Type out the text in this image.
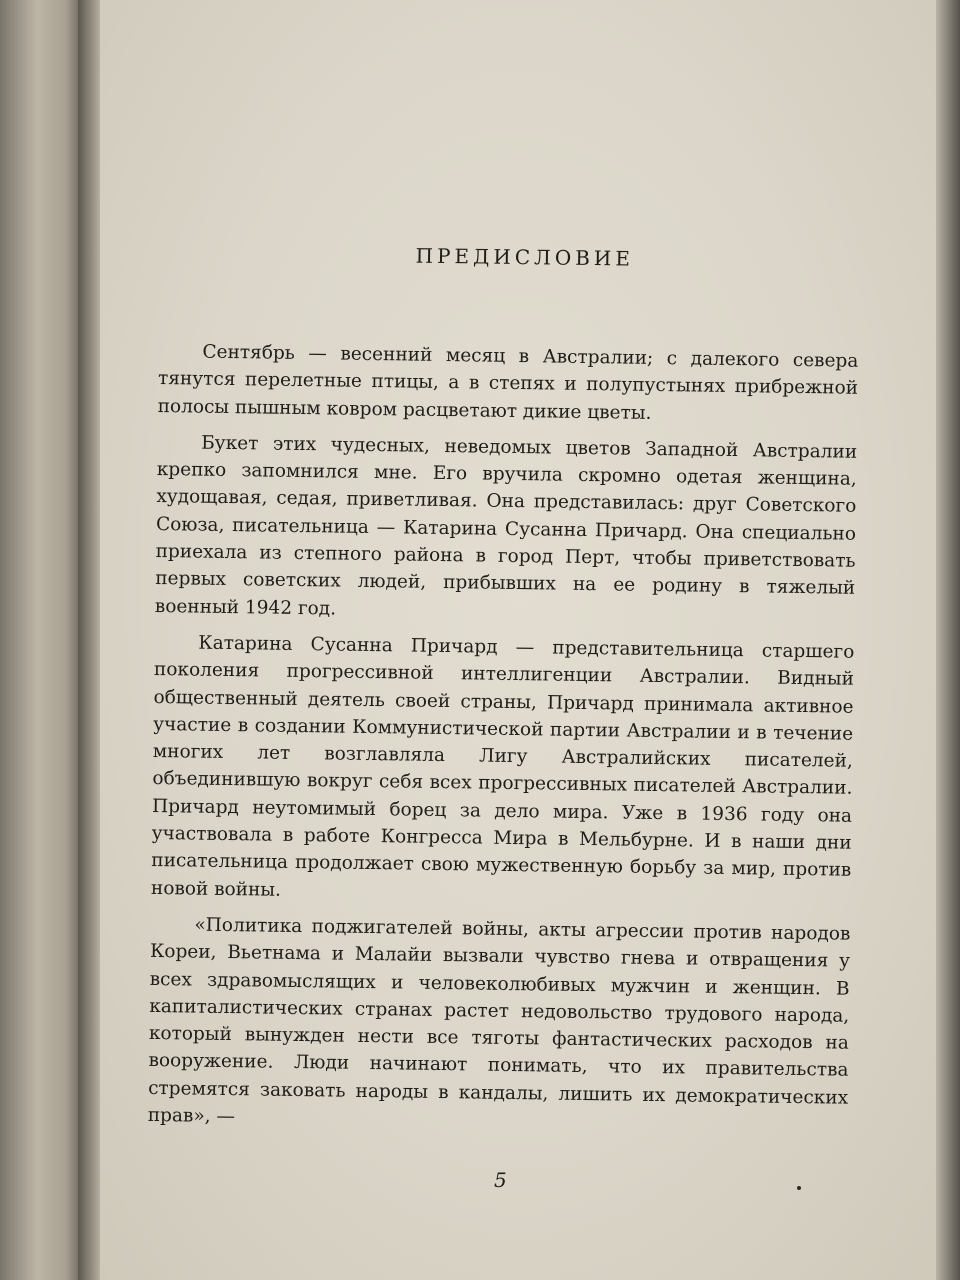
ПРЕДИСЛОВИЕ

Сентябрь — весенний месяц в Австралии; с далекого севера тянутся перелетные птицы, а в степях и полупустынях прибрежной полосы пышным ковром расцветают дикие цветы.

Букет этих чудесных, неведомых цветов Западной Австралии крепко запомнился мне. Его вручила скромно одетая женщина, худощавая, седая, приветливая. Она представилась: друг Советского Союза, писательница — Катарина Сусанна Причард. Она специально приехала из степного района в город Перт, чтобы приветствовать первых советских людей, прибывших на ее родину в тяжелый военный 1942 год.

Катарина Сусанна Причард — представительница старшего поколения прогрессивной интеллигенции Австралии. Видный общественный деятель своей страны, Причард принимала активное участие в создании Коммунистической партии Австралии и в течение многих лет возглавляла Лигу Австралийских писателей, объединившую вокруг себя всех прогрессивных писателей Австралии. Причард неутомимый борец за дело мира. Уже в 1936 году она участвовала в работе Конгресса Мира в Мельбурне. И в наши дни писательница продолжает свою мужественную борьбу за мир, против новой войны.

«Политика поджигателей войны, акты агрессии против народов Кореи, Вьетнама и Малайи вызвали чувство гнева и отвращения у всех здравомыслящих и человеколюбивых мужчин и женщин. В капиталистических странах растет недовольство трудового народа, который вынужден нести все тяготы фантастических расходов на вооружение. Люди начинают понимать, что их правительства стремятся заковать народы в кандалы, лишить их демократических прав», —

5
